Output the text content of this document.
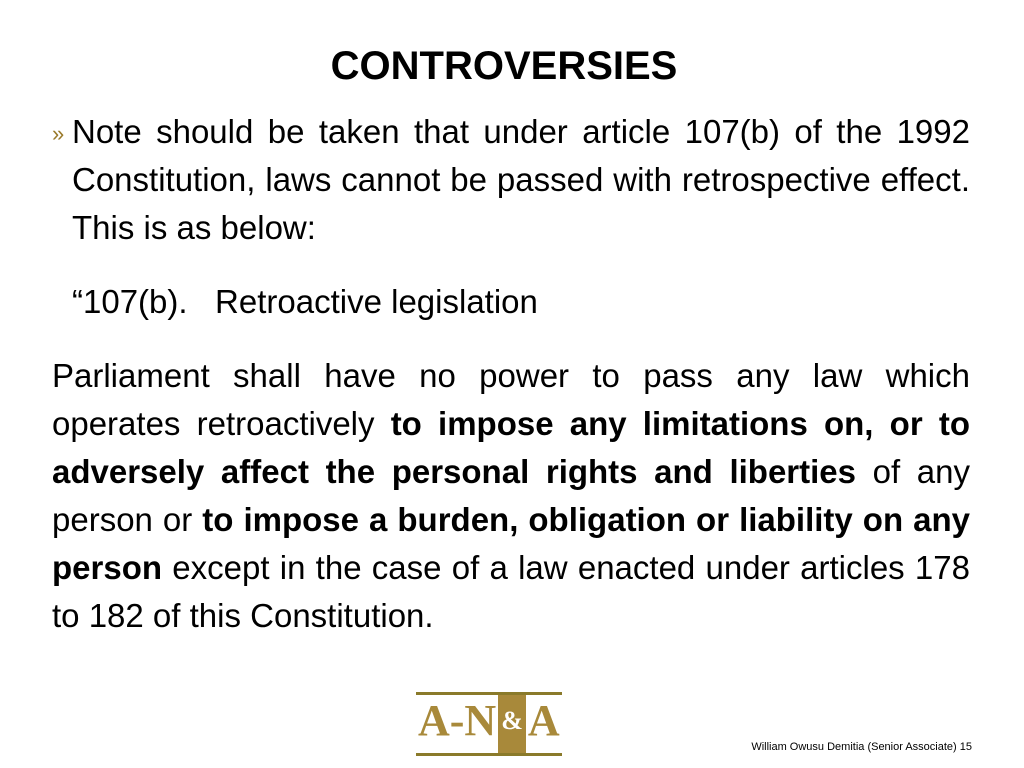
CONTROVERSIES
» Note should be taken that under article 107(b) of the 1992 Constitution, laws cannot be passed with retrospective effect. This is as below:
“107(b).   Retroactive legislation
Parliament shall have no power to pass any law which operates retroactively to impose any limitations on, or to adversely affect the personal rights and liberties of any person or to impose a burden, obligation or liability on any person except in the case of a law enacted under articles 178 to 182 of this Constitution.
A-N & A
William Owusu Demitia (Senior Associate) 15
